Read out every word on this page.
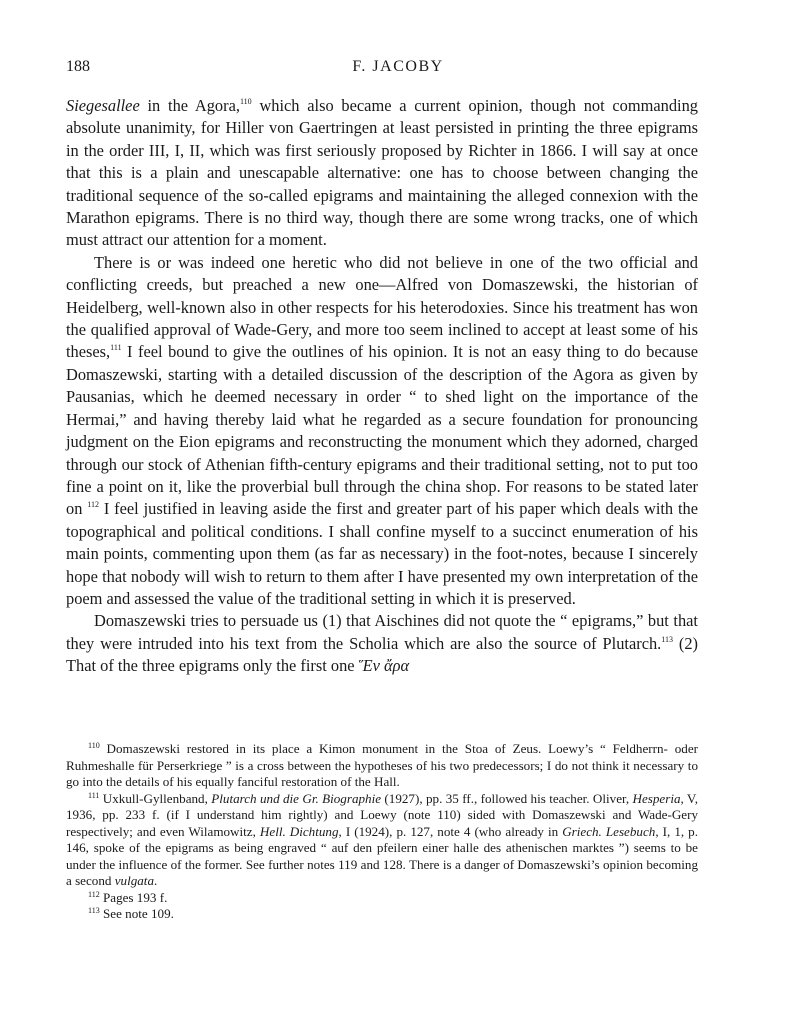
188	F. JACOBY

Siegesallee in the Agora,$^{110}$ which also became a current opinion, though not commanding absolute unanimity, for Hiller von Gaertringen at least persisted in printing the three epigrams in the order III, I, II, which was first seriously proposed by Richter in 1866. I will say at once that this is a plain and unescapable alternative: one has to choose between changing the traditional sequence of the so-called epigrams and maintaining the alleged connexion with the Marathon epigrams. There is no third way, though there are some wrong tracks, one of which must attract our attention for a moment.

There is or was indeed one heretic who did not believe in one of the two official and conflicting creeds, but preached a new one—Alfred von Domaszewski, the historian of Heidelberg, well-known also in other respects for his heterodoxies. Since his treatment has won the qualified approval of Wade-Gery, and more too seem inclined to accept at least some of his theses,$^{111}$ I feel bound to give the outlines of his opinion. It is not an easy thing to do because Domaszewski, starting with a detailed discussion of the description of the Agora as given by Pausanias, which he deemed necessary in order “ to shed light on the importance of the Hermai,” and having thereby laid what he regarded as a secure foundation for pronouncing judgment on the Eion epigrams and reconstructing the monument which they adorned, charged through our stock of Athenian fifth-century epigrams and their traditional setting, not to put too fine a point on it, like the proverbial bull through the china shop. For reasons to be stated later on $^{112}$ I feel justified in leaving aside the first and greater part of his paper which deals with the topographical and political conditions. I shall confine myself to a succinct enumeration of his main points, commenting upon them (as far as necessary) in the foot-notes, because I sincerely hope that nobody will wish to return to them after I have presented my own interpretation of the poem and assessed the value of the traditional setting in which it is preserved.

Domaszewski tries to persuade us (1) that Aischines did not quote the “ epigrams,” but that they were intruded into his text from the Scholia which are also the source of Plutarch.$^{113}$ (2) That of the three epigrams only the first one Ἕν ἄρα

$^{110}$ Domaszewski restored in its place a Kimon monument in the Stoa of Zeus. Loewy’s “ Feldherrn- oder Ruhmeshalle für Perserkriege ” is a cross between the hypotheses of his two predecessors; I do not think it necessary to go into the details of his equally fanciful restoration of the Hall.

$^{111}$ Uxkull-Gyllenband, Plutarch und die Gr. Biographie (1927), pp. 35 ff., followed his teacher. Oliver, Hesperia, V, 1936, pp. 233 f. (if I understand him rightly) and Loewy (note 110) sided with Domaszewski and Wade-Gery respectively; and even Wilamowitz, Hell. Dichtung, I (1924), p. 127, note 4 (who already in Griech. Lesebuch, I, 1, p. 146, spoke of the epigrams as being engraved “ auf den pfeilern einer halle des athenischen marktes ”) seems to be under the influence of the former. See further notes 119 and 128. There is a danger of Domaszewski’s opinion becoming a second vulgata.

$^{112}$ Pages 193 f.

$^{113}$ See note 109.
